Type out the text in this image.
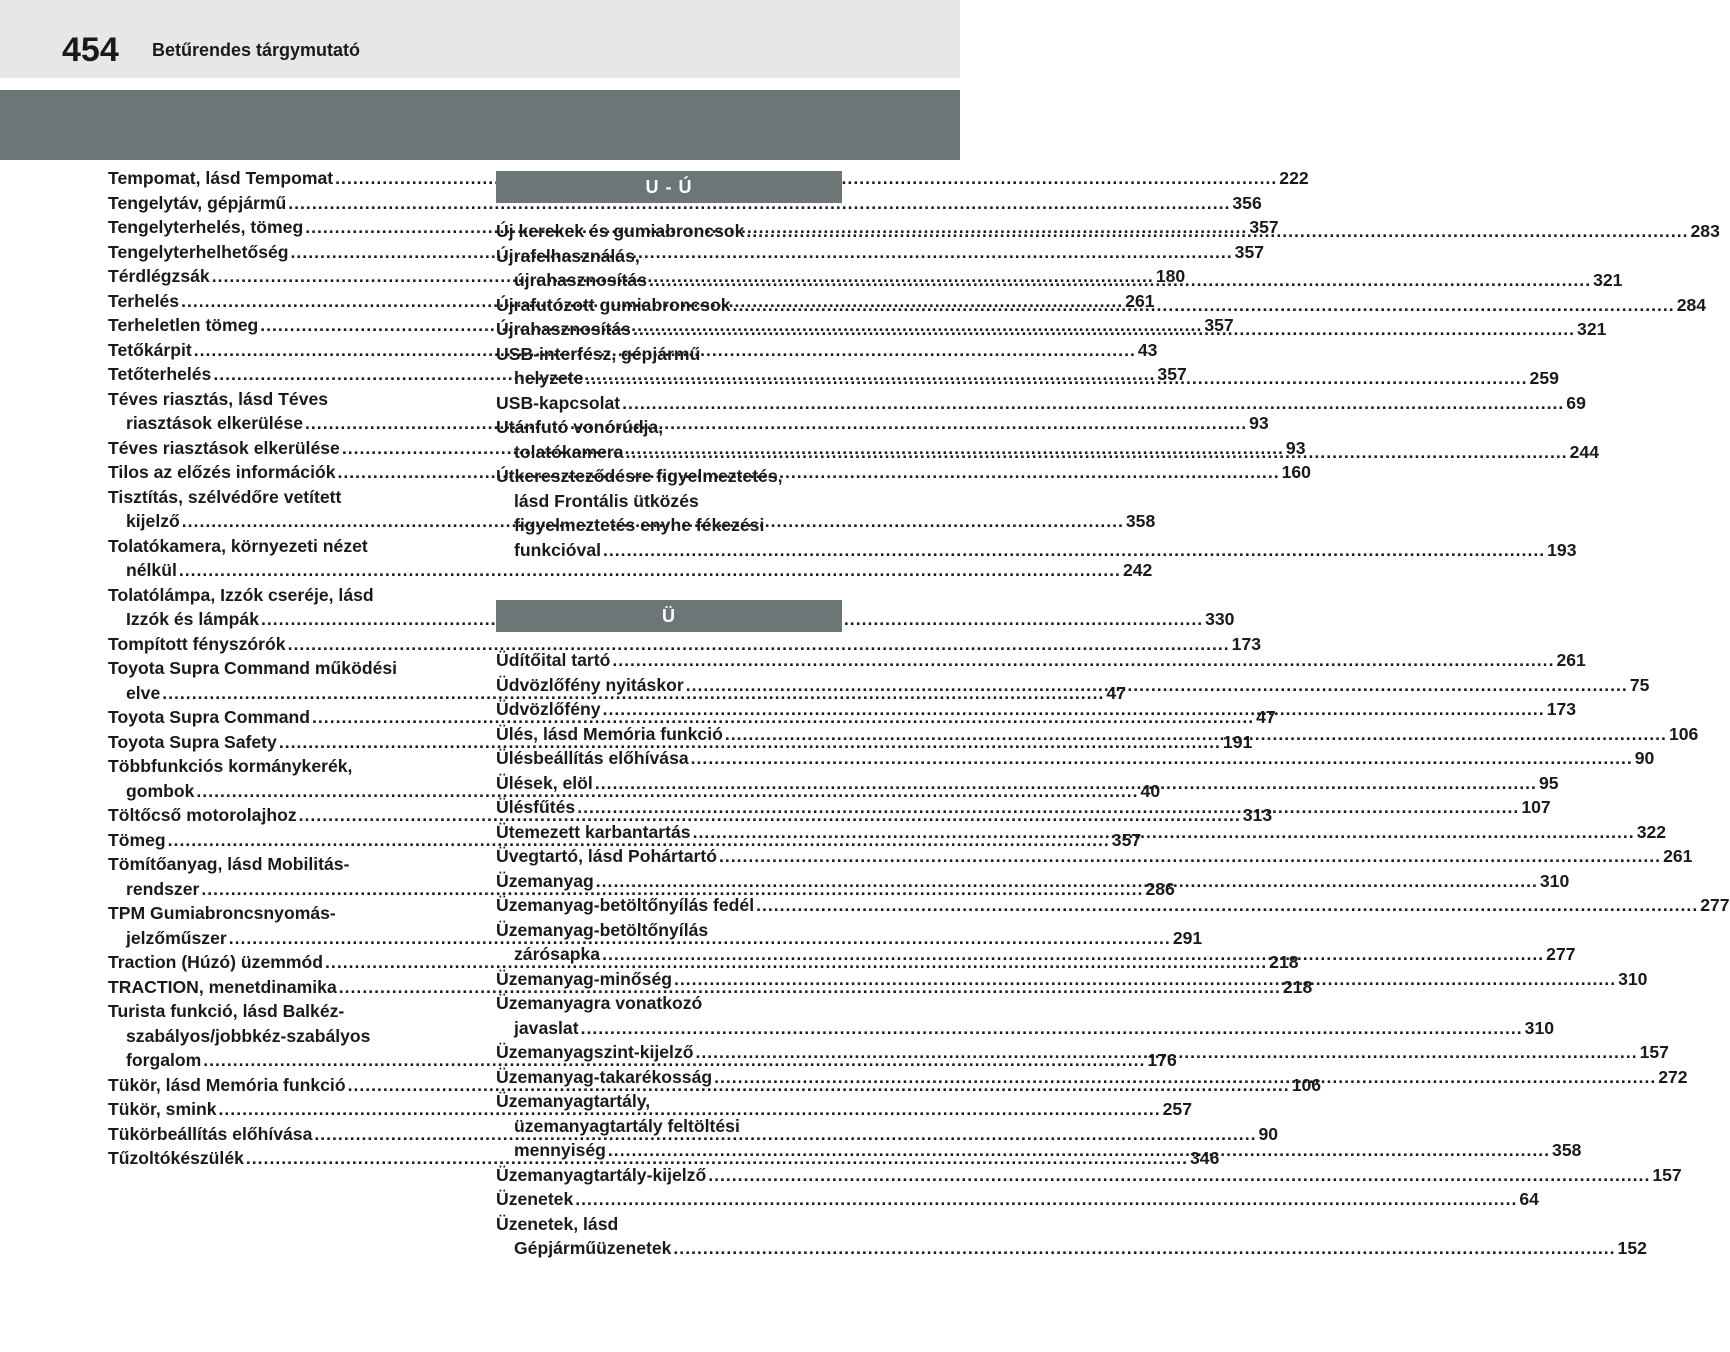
454 Betűrendes tárgymutató
Tempomat, lásd Tempomat .....	222
Tengelytáv, gépjármű .....	356
Tengelyterhelés, tömeg .....	357
Tengelyterhelhetőség .....	357
Térdlégzsák .....	180
Terhelés .....	261
Terheletlen tömeg .....	357
Tetőkárpit .....	43
Tetőterhelés .....	357
Téves riasztás, lásd Téves
riasztások elkerülése .....	93
Téves riasztások elkerülése .....	93
Tilos az előzés információk .....	160
Tisztítás, szélvédőre vetített
kijelző .....	358
Tolatókamera, környezeti nézet
nélkül .....	242
Tolatólámpa, Izzók cseréje, lásd
Izzók és lámpák .....	330
Tompított fényszórók .....	173
Toyota Supra Command működési
elve .....	47
Toyota Supra Command .....	47
Toyota Supra Safety .....	191
Többfunkciós kormánykerék,
gombok .....	40
Töltőcső motorolajhoz .....	313
Tömeg .....	357
Tömítőanyag, lásd Mobilitás-
rendszer .....	286
TPM Gumiabroncsnyomás-
jelzőműszer .....	291
Traction (Húzó) üzemmód .....	218
TRACTION, menetdinamika .....	218
Turista funkció, lásd Balkéz-
szabályos/jobbkéz-szabályos
forgalom .....	176
Tükör, lásd Memória funkció .....	106
Tükör, smink .....	257
Tükörbeállítás előhívása .....	90
Tűzoltókészülék .....	346
U - Ú
Új kerekek és gumiabroncsok .....	283
Újrafelhasználás,
újrahasznosítás .....	321
Újrafutózott gumiabroncsok .....	284
Újrahasznosítás .....	321
USB-interfész, gépjármű
helyzete .....	259
USB-kapcsolat .....	69
Utánfutó vonórúdja,
tolatókamera .....	244
Útkereszteződésre figyelmeztetés,
lásd Frontális ütközés
figyelmeztetés enyhe fékezési
funkcióval .....	193
Ü
Üdítőital tartó .....	261
Üdvözlőfény nyitáskor .....	75
Üdvözlőfény .....	173
Ülés, lásd Memória funkció .....	106
Ülésbeállítás előhívása .....	90
Ülések, elöl .....	95
Ülésfűtés .....	107
Ütemezett karbantartás .....	322
Üvegtartó, lásd Pohártartó .....	261
Üzemanyag .....	310
Üzemanyag-betöltőnyílás fedél .....	277
Üzemanyag-betöltőnyílás
zárósapka .....	277
Üzemanyag-minőség .....	310
Üzemanyagra vonatkozó
javaslat .....	310
Üzemanyagszint-kijelző .....	157
Üzemanyag-takarékosság .....	272
Üzemanyagtartály,
üzemanyagtartály feltöltési
mennyiség .....	358
Üzemanyagtartály-kijelző .....	157
Üzenetek .....	64
Üzenetek, lásd
Gépjárműüzenetek .....	152
